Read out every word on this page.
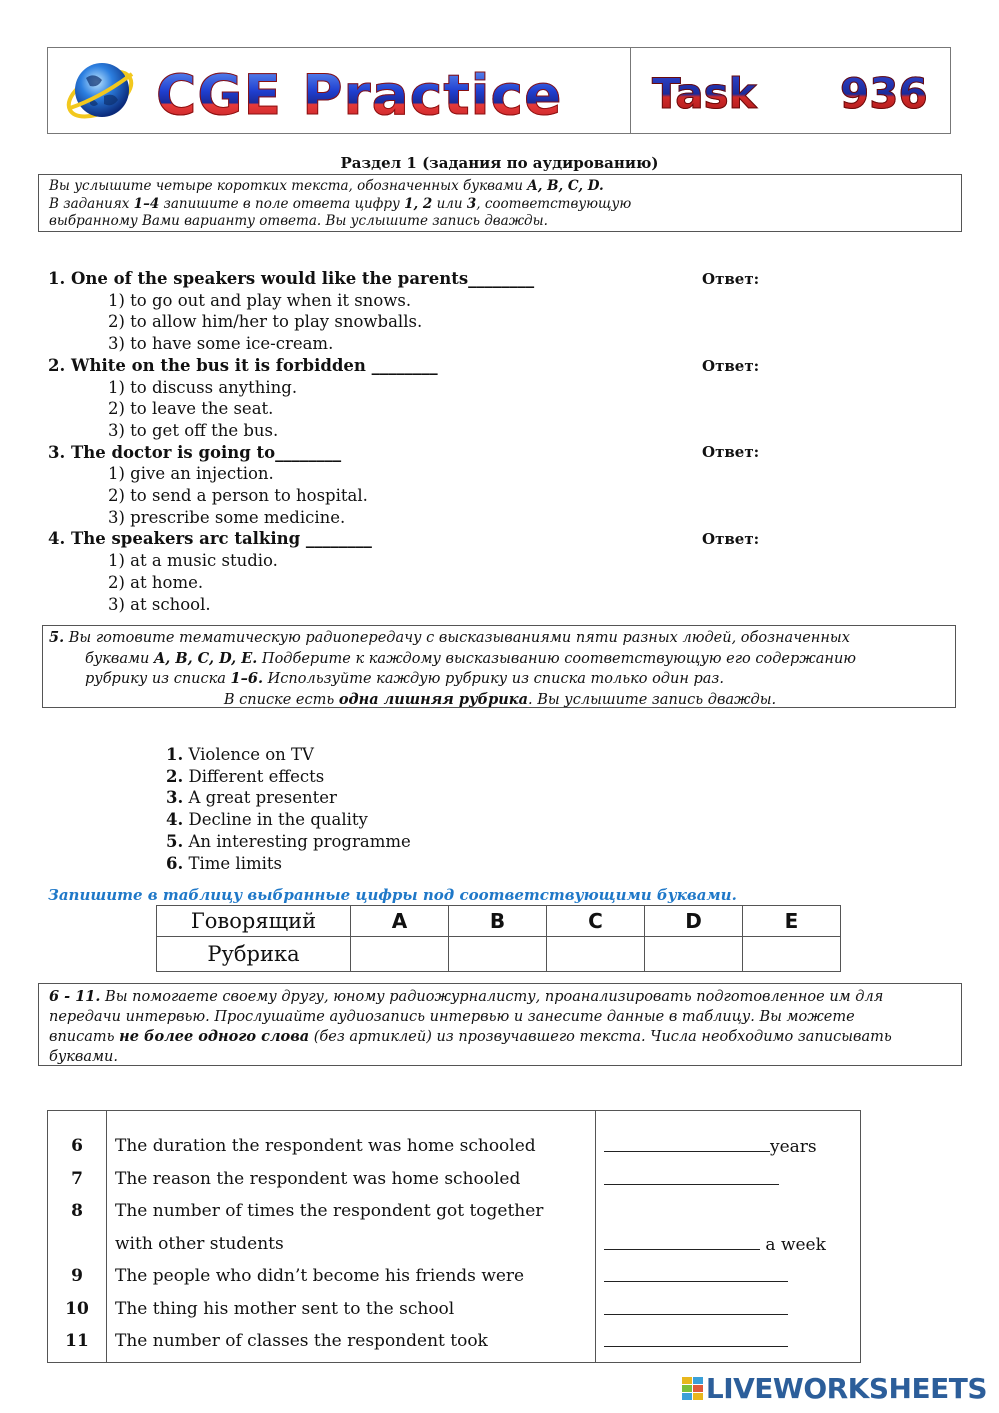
CGE Practice Task 936
Раздел 1 (задания по аудированию)
Вы услышите четыре коротких текста, обозначенных буквами A, B, C, D.
В заданиях 1–4 запишите в поле ответа цифру 1, 2 или 3, соответствующую
выбранному Вами варианту ответа. Вы услышите запись дважды.
1. One of the speakers would like the parents________
1) to go out and play when it snows.
2) to allow him/her to play snowballs.
3) to have some ice-cream.
2. White on the bus it is forbidden ________
1) to discuss anything.
2) to leave the seat.
3) to get off the bus.
3. The doctor is going to________
1) give an injection.
2) to send a person to hospital.
3) prescribe some medicine.
4. The speakers arc talking ________
1) at a music studio.
2) at home.
3) at school.
Ответ:
Ответ:
Ответ:
Ответ:
5. Вы готовите тематическую радиопередачу с высказываниями пяти разных людей, обозначенных
буквами A, B, C, D, E. Подберите к каждому высказыванию соответствующую его содержанию
рубрику из списка 1–6. Используйте каждую рубрику из списка только один раз.
В списке есть одна лишняя рубрика. Вы услышите запись дважды.
1. Violence on TV
2. Different effects
3. A great presenter
4. Decline in the quality
5. An interesting programme
6. Time limits
Запишите в таблицу выбранные цифры под соответствующими буквами.
Говорящий	A	B	C	D	E
Рубрика					
6 - 11. Вы помогаете своему другу, юному радиожурналисту, проанализировать подготовленное им для
передачи интервью. Прослушайте аудиозапись интервью и занесите данные в таблицу. Вы можете
вписать не более одного слова (без артиклей) из прозвучавшего текста. Числа необходимо записывать
буквами.
6	The duration the respondent was home schooled	years
7	The reason the respondent was home schooled
8	The number of times the respondent got together
with other students	a week
9	The people who didn’t become his friends were
10	The thing his mother sent to the school
11	The number of classes the respondent took
LIVEWORKSHEETS
